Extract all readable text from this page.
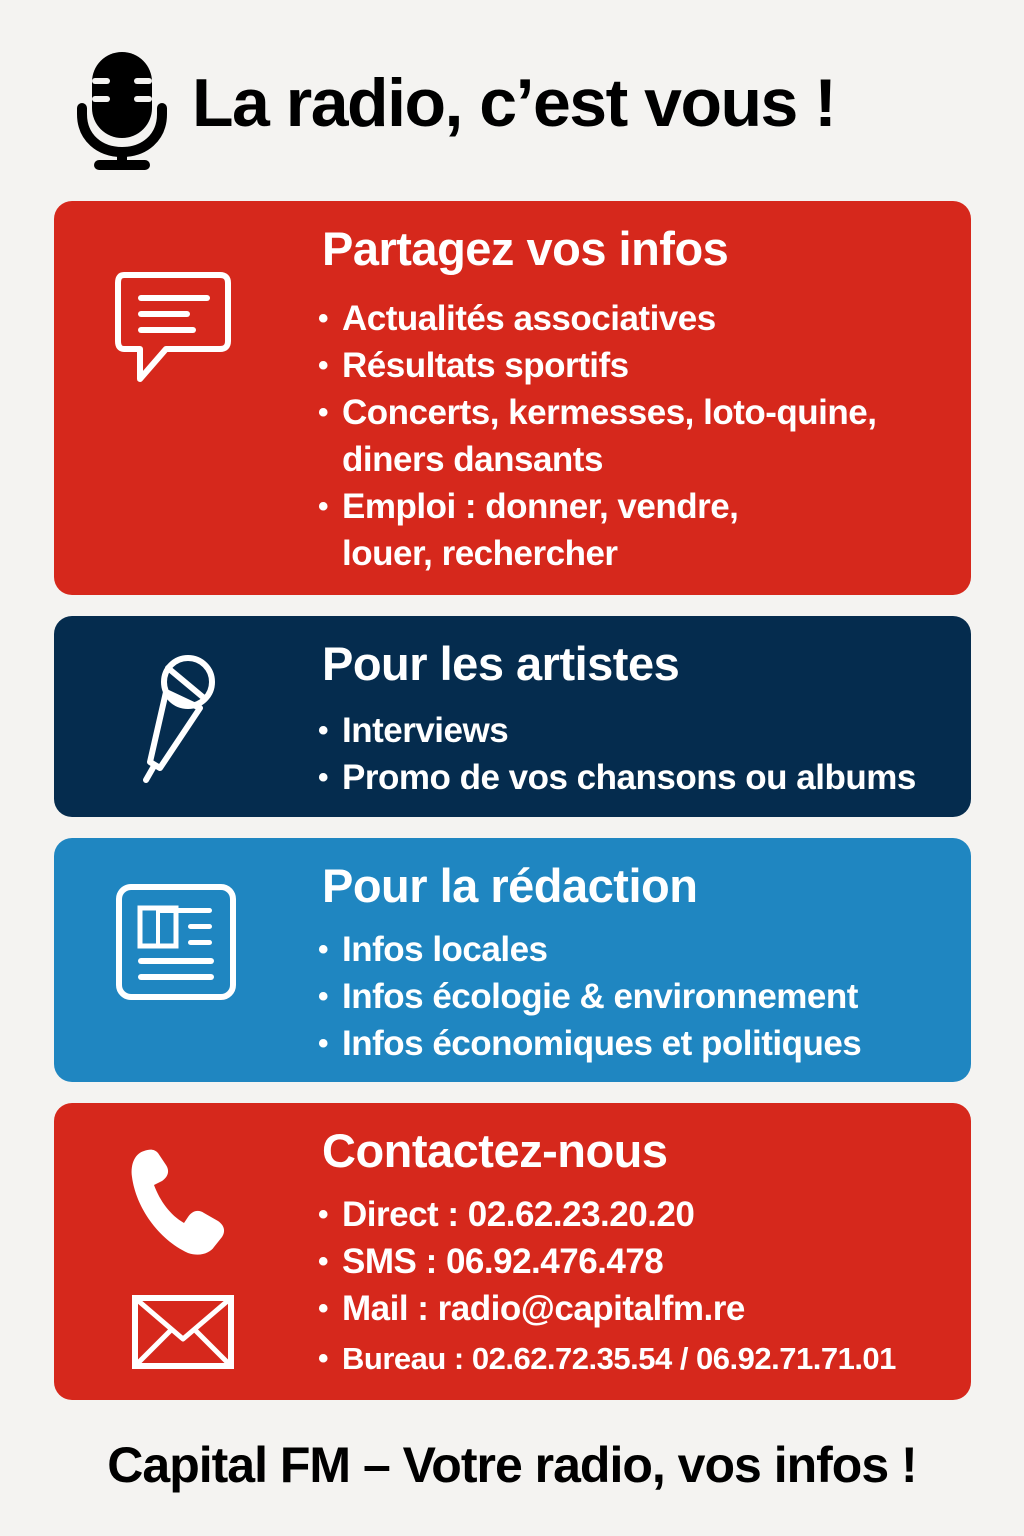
La radio, c’est vous !
Partagez vos infos
• Actualités associatives
• Résultats sportifs
• Concerts, kermesses, loto-quine,
diners dansants
• Emploi : donner, vendre,
louer, rechercher
Pour les artistes
• Interviews
• Promo de vos chansons ou albums
Pour la rédaction
• Infos locales
• Infos écologie & environnement
• Infos économiques et politiques
Contactez-nous
• Direct : 02.62.23.20.20
• SMS : 06.92.476.478
• Mail : radio@capitalfm.re
• Bureau : 02.62.72.35.54 / 06.92.71.71.01
Capital FM – Votre radio, vos infos !
